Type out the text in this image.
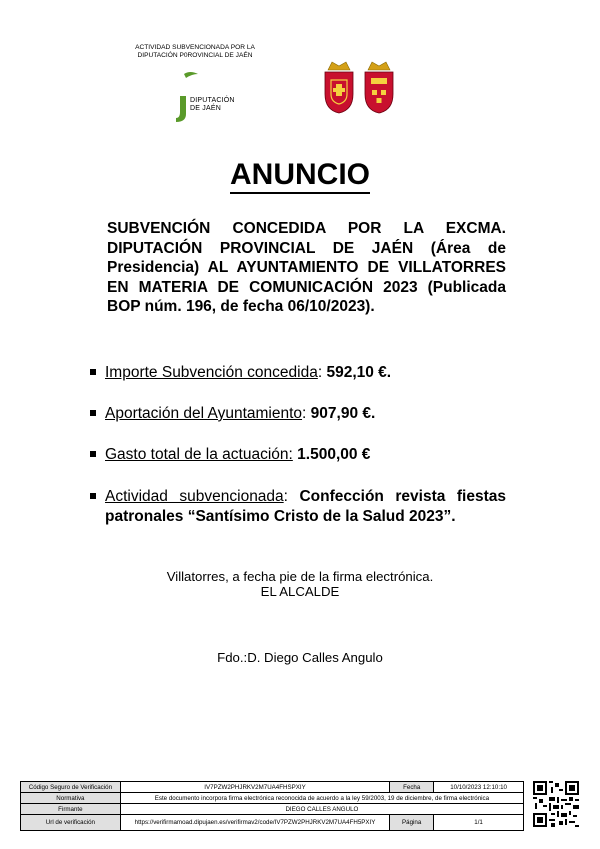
ACTIVIDAD SUBVENCIONADA POR LA
DIPUTACIÓN P0ROVINCIAL DE JAÉN
DIPUTACIÓN
DE JAÉN
ANUNCIO
SUBVENCIÓN CONCEDIDA POR LA EXCMA. DIPUTACIÓN PROVINCIAL DE JAÉN (Área de Presidencia) AL AYUNTAMIENTO DE VILLATORRES EN MATERIA DE COMUNICACIÓN 2023 (Publicada BOP núm. 196, de fecha 06/10/2023).
Importe Subvención concedida: 592,10 €.
Aportación del Ayuntamiento: 907,90 €.
Gasto total de la actuación: 1.500,00 €
Actividad subvencionada: Confección revista fiestas patronales “Santísimo Cristo de la Salud 2023”.
Villatorres, a fecha pie de la firma electrónica.
EL ALCALDE
Fdo.:D. Diego Calles Angulo
Código Seguro de Verificación	IV7PZW2PHJRKV2M7UA4FHSPXIY	Fecha	10/10/2023 12:10:10
Normativa	Este documento incorpora firma electrónica reconocida de acuerdo a la ley 59/2003, 19 de diciembre, de firma electrónica		
Firmante	DIEGO CALLES ANGULO		
Url de verificación	https://verifirmamoad.dipujaen.es/verifirmav2/code/IV7PZW2PHJRKV2M7UA4FH5PXIY	Página	1/1
